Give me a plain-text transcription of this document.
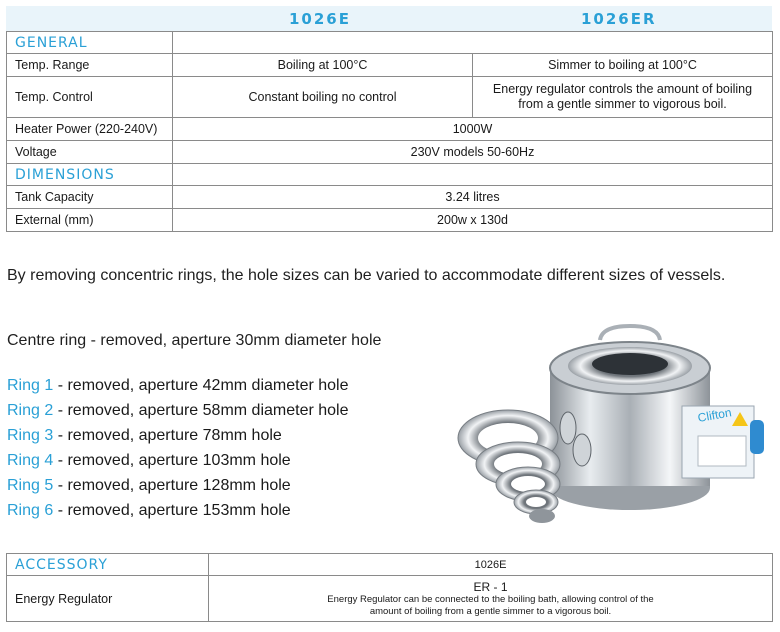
1026E	1026ER
GENERAL		
Temp. Range	Boiling at 100°C	Simmer to boiling at 100°C
Temp. Control	Constant boiling no control	Energy regulator controls the amount of boiling from a gentle simmer to vigorous boil.
Heater Power (220-240V)	1000W	
Voltage	230V models 50-60Hz	
DIMENSIONS		
Tank Capacity	3.24 litres	
External (mm)	200w x 130d	
By removing concentric rings, the hole sizes can be varied to accommodate different sizes of vessels.
Centre ring - removed, aperture 30mm diameter hole
Ring 1 - removed, aperture 42mm diameter hole
Ring 2 - removed, aperture 58mm diameter hole
Ring 3 - removed, aperture 78mm hole
Ring 4 - removed, aperture 103mm hole
Ring 5 - removed, aperture 128mm hole
Ring 6 - removed, aperture 153mm hole
Clifton
ACCESSORY	1026E
Energy Regulator	ER - 1
Energy Regulator can be connected to the boiling bath, allowing control of the amount of boiling from a gentle simmer to a vigorous boil.
